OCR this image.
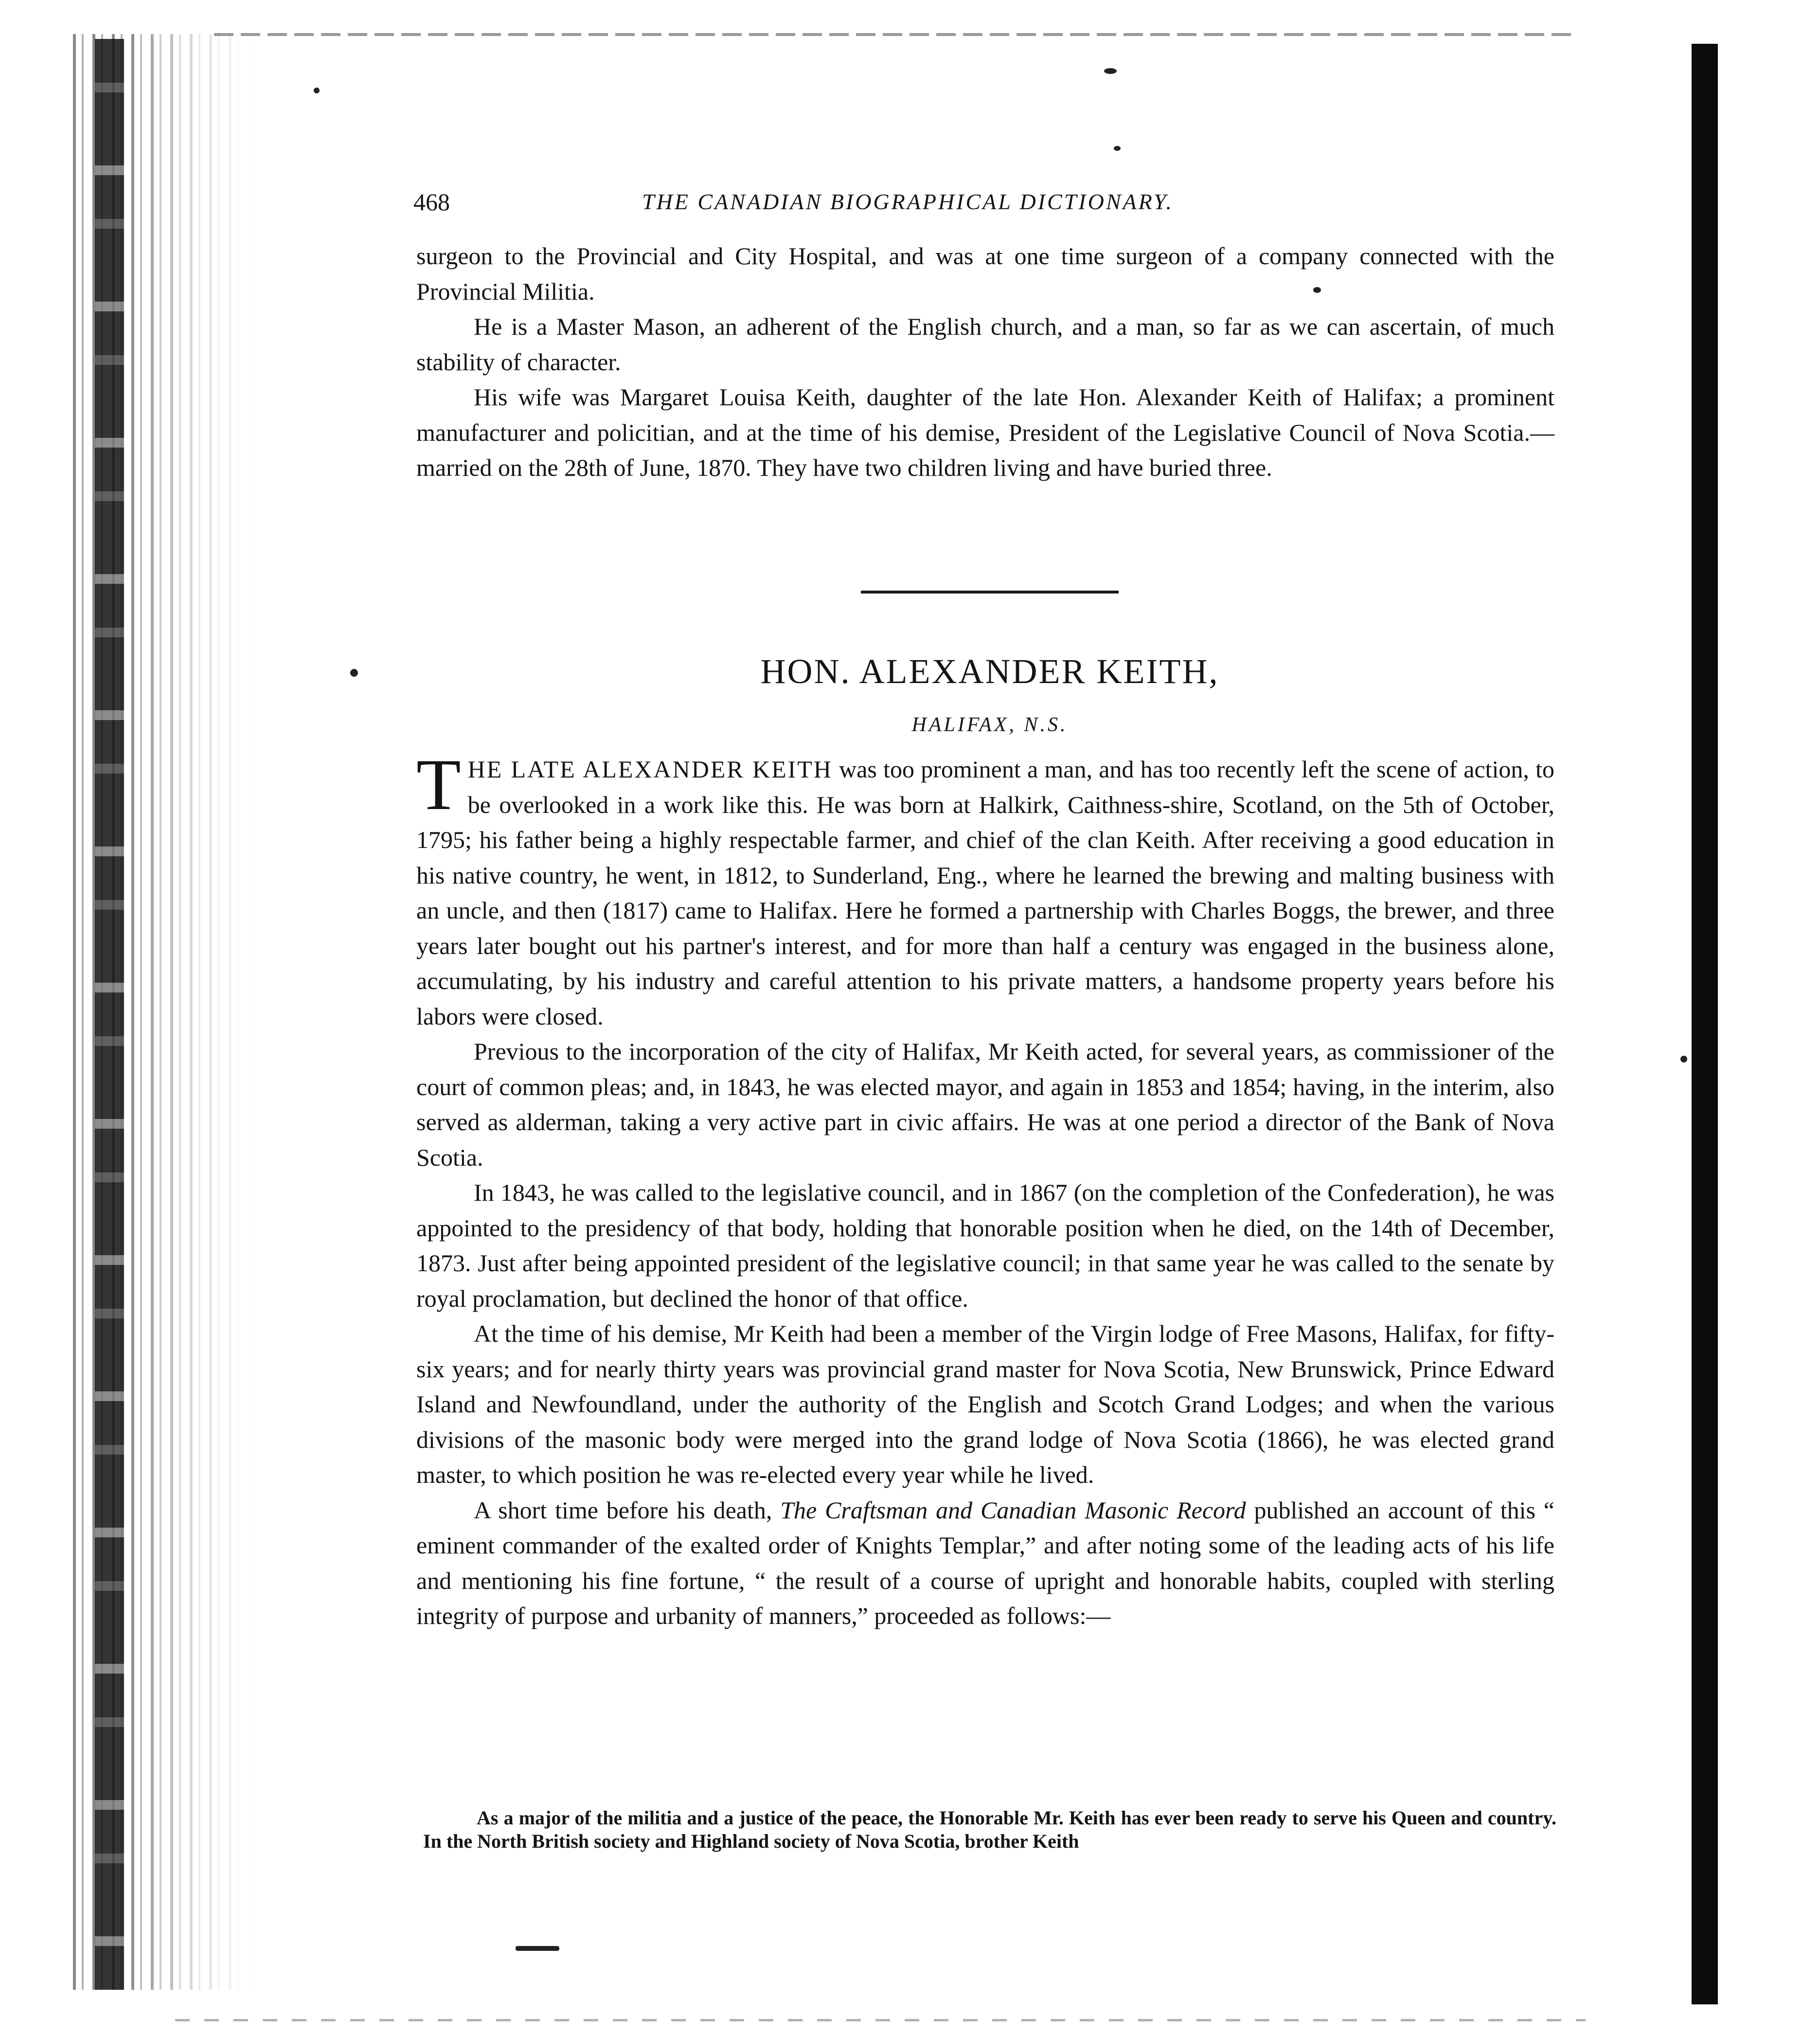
468	THE CANADIAN BIOGRAPHICAL DICTIONARY.

surgeon to the Provincial and City Hospital, and was at one time surgeon of a company connected with the Provincial Militia.

He is a Master Mason, an adherent of the English church, and a man, so far as we can ascertain, of much stability of character.

His wife was Margaret Louisa Keith, daughter of the late Hon. Alexander Keith of Halifax; a prominent manufacturer and policitian, and at the time of his demise, President of the Legislative Council of Nova Scotia.—married on the 28th of June, 1870. They have two children living and have buried three.

HON. ALEXANDER KEITH,
HALIFAX, N.S.

THE LATE ALEXANDER KEITH was too prominent a man, and has too recently left the scene of action, to be overlooked in a work like this. He was born at Halkirk, Caithness-shire, Scotland, on the 5th of October, 1795; his father being a highly respectable farmer, and chief of the clan Keith. After receiving a good education in his native country, he went, in 1812, to Sunderland, Eng., where he learned the brewing and malting business with an uncle, and then (1817) came to Halifax. Here he formed a partnership with Charles Boggs, the brewer, and three years later bought out his partner's interest, and for more than half a century was engaged in the business alone, accumulating, by his industry and careful attention to his private matters, a handsome property years before his labors were closed.

Previous to the incorporation of the city of Halifax, Mr Keith acted, for several years, as commissioner of the court of common pleas; and, in 1843, he was elected mayor, and again in 1853 and 1854; having, in the interim, also served as alderman, taking a very active part in civic affairs. He was at one period a director of the Bank of Nova Scotia.

In 1843, he was called to the legislative council, and in 1867 (on the completion of the Confederation), he was appointed to the presidency of that body, holding that honorable position when he died, on the 14th of December, 1873. Just after being appointed president of the legislative council; in that same year he was called to the senate by royal proclamation, but declined the honor of that office.

At the time of his demise, Mr Keith had been a member of the Virgin lodge of Free Masons, Halifax, for fifty-six years; and for nearly thirty years was provincial grand master for Nova Scotia, New Brunswick, Prince Edward Island and Newfoundland, under the authority of the English and Scotch Grand Lodges; and when the various divisions of the masonic body were merged into the grand lodge of Nova Scotia (1866), he was elected grand master, to which position he was re-elected every year while he lived.

A short time before his death, The Craftsman and Canadian Masonic Record published an account of this “ eminent commander of the exalted order of Knights Templar,” and after noting some of the leading acts of his life and mentioning his fine fortune, “ the result of a course of upright and honorable habits, coupled with sterling integrity of purpose and urbanity of manners,” proceeded as follows:—

As a major of the militia and a justice of the peace, the Honorable Mr. Keith has ever been ready to serve his Queen and country. In the North British society and Highland society of Nova Scotia, brother Keith
